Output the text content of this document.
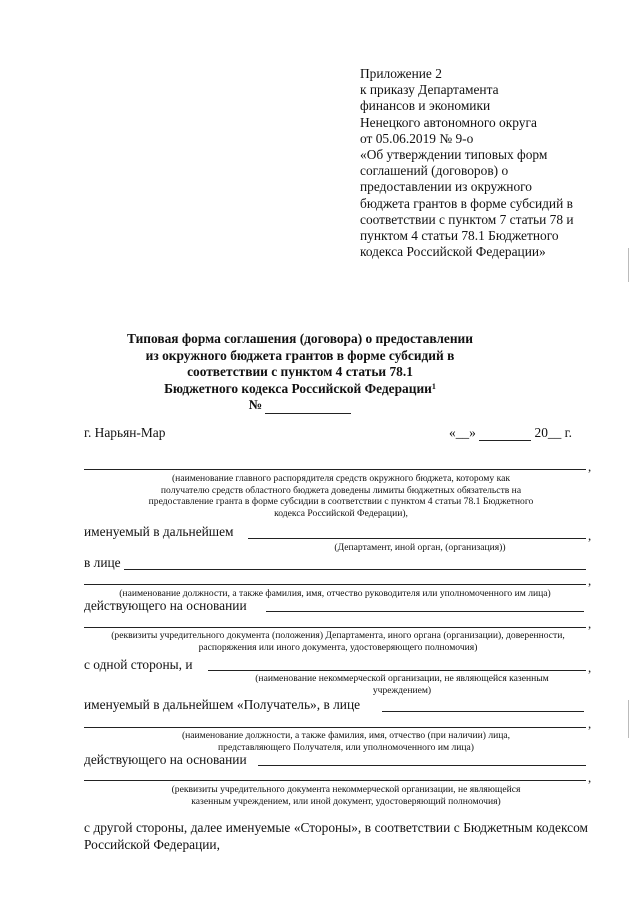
Приложение 2
к приказу Департамента
финансов и экономики
Ненецкого автономного округа
от 05.06.2019 № 9-о
«Об утверждении типовых форм
соглашений (договоров) о
предоставлении из окружного
бюджета грантов в форме субсидий в
соответствии с пунктом 7 статьи 78 и
пунктом 4 статьи 78.1 Бюджетного
кодекса Российской Федерации»
Типовая форма соглашения (договора) о предоставлении
из окружного бюджета грантов в форме субсидий в
соответствии с пунктом 4 статьи 78.1
Бюджетного кодекса Российской Федерации$^1$
№
г. Нарьян-Мар	«__»	20__ г.
,
(наименование главного распорядителя средств окружного бюджета, которому как получателю средств областного бюджета доведены лимиты бюджетных обязательств на предоставление гранта в форме субсидии в соответствии с пунктом 4 статьи 78.1 Бюджетного кодекса Российской Федерации),
именуемый в дальнейшем	,
(Департамент, иной орган, (организация))
в лице
,
(наименование должности, а также фамилия, имя, отчество руководителя или уполномоченного им лица)
действующего на основании
,
(реквизиты учредительного документа (положения) Департамента, иного органа (организации), доверенности, распоряжения или иного документа, удостоверяющего полномочия)
с одной стороны, и	,
(наименование некоммерческой организации, не являющейся казенным учреждением)
именуемый в дальнейшем «Получатель», в лице
,
(наименование должности, а также фамилия, имя, отчество (при наличии) лица, представляющего Получателя, или уполномоченного им лица)
действующего на основании
,
(реквизиты учредительного документа некоммерческой организации, не являющейся казенным учреждением, или иной документ, удостоверяющий полномочия)
с другой стороны, далее именуемые «Стороны», в соответствии с Бюджетным кодексом Российской Федерации,
